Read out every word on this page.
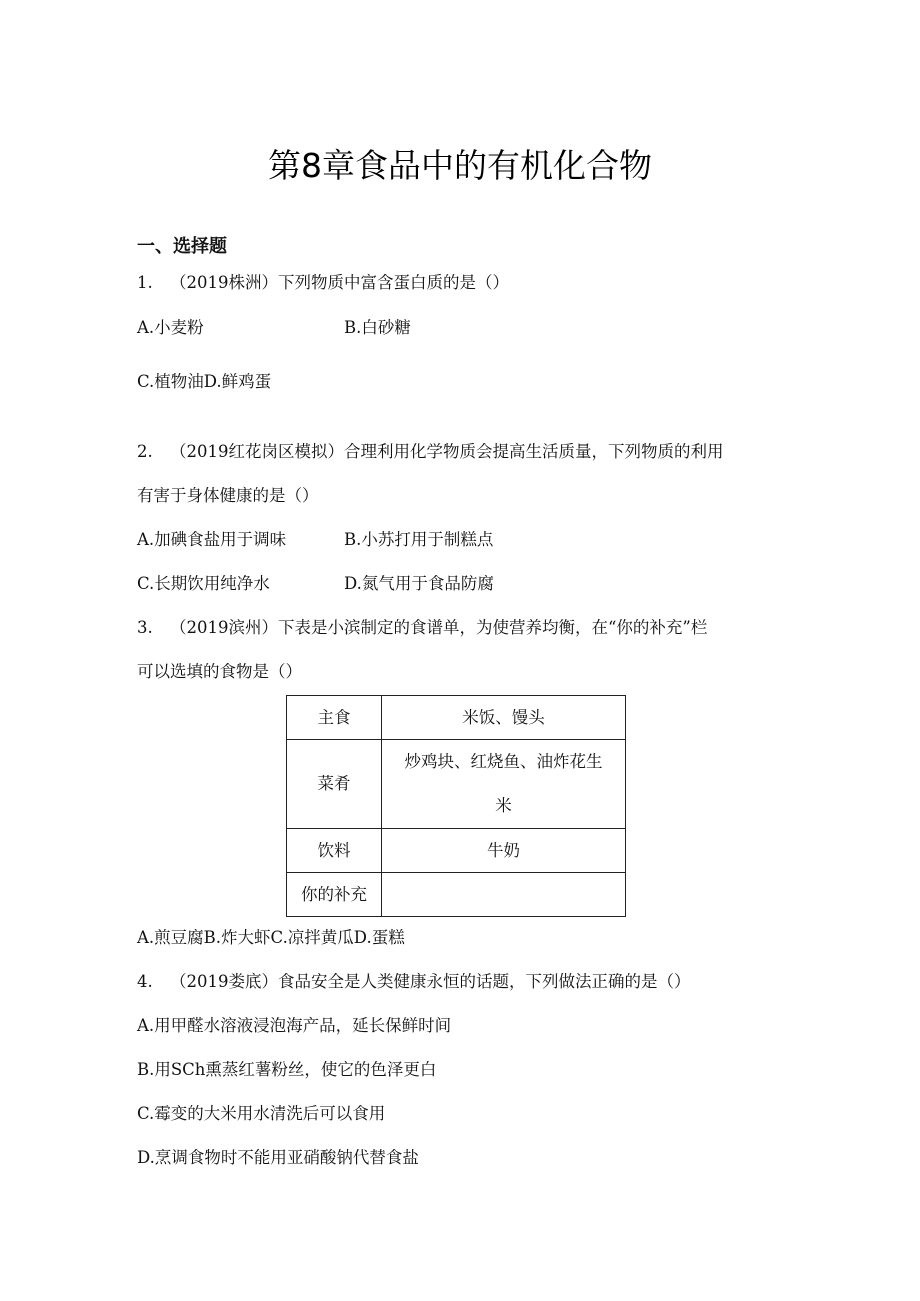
第8章食品中的有机化合物
一、选择题
1. （2019株洲）下列物质中富含蛋白质的是（）
A.小麦粉	B.白砂糖
C.植物油D.鲜鸡蛋
2. （2019红花岗区模拟）合理利用化学物质会提高生活质量，下列物质的利用
有害于身体健康的是（）
A.加碘食盐用于调味	B.小苏打用于制糕点
C.长期饮用纯净水	D.氮气用于食品防腐
3. （2019滨州）下表是小滨制定的食谱单，为使营养均衡，在“你的补充”栏
可以选填的食物是（）
主食	米饭、馒头
菜肴	炒鸡块、红烧鱼、油炸花生
米

饮料	牛奶
你的补充	
A.煎豆腐B.炸大虾C.凉拌黄瓜D.蛋糕
4. （2019娄底）食品安全是人类健康永恒的话题，下列做法正确的是（）
A.用甲醛水溶液浸泡海产品，延长保鲜时间
B.用SCh熏蒸红薯粉丝，使它的色泽更白
C.霉变的大米用水清洗后可以食用
D.烹调食物时不能用亚硝酸钠代替食盐
